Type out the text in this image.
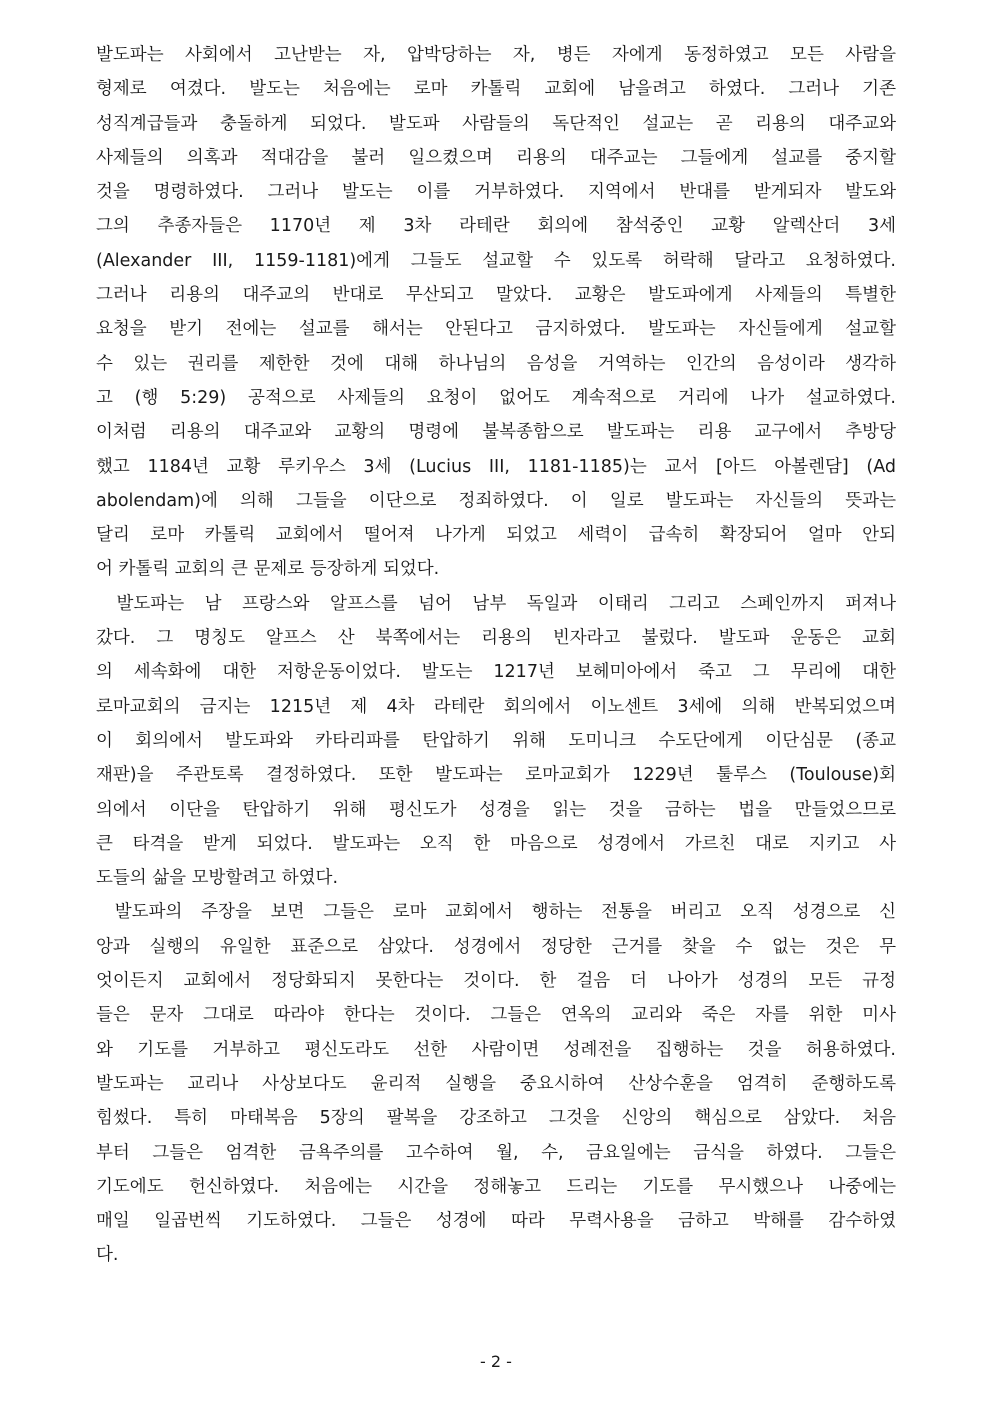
발도파는 사회에서 고난받는 자, 압박당하는 자, 병든 자에게 동정하였고 모든 사람을
형제로 여겼다. 발도는 처음에는 로마 카톨릭 교회에 남을려고 하였다. 그러나 기존
성직계급들과 충돌하게 되었다. 발도파 사람들의 독단적인 설교는 곧 리용의 대주교와
사제들의 의혹과 적대감을 불러 일으켰으며 리용의 대주교는 그들에게 설교를 중지할
것을 명령하였다. 그러나 발도는 이를 거부하였다. 지역에서 반대를 받게되자 발도와
그의 추종자들은 1170년 제 3차 라테란 회의에 참석중인 교황 알렉산더 3세
(Alexander III, 1159-1181)에게 그들도 설교할 수 있도록 허락해 달라고 요청하였다.
그러나 리용의 대주교의 반대로 무산되고 말았다. 교황은 발도파에게 사제들의 특별한
요청을 받기 전에는 설교를 해서는 안된다고 금지하였다. 발도파는 자신들에게 설교할
수 있는 권리를 제한한 것에 대해 하나님의 음성을 거역하는 인간의 음성이라 생각하
고 (행 5:29) 공적으로 사제들의 요청이 없어도 계속적으로 거리에 나가 설교하였다.
이처럼 리용의 대주교와 교황의 명령에 불복종함으로 발도파는 리용 교구에서 추방당
했고 1184년 교황 루키우스 3세 (Lucius III, 1181-1185)는 교서 [아드 아볼렌담] (Ad
abolendam)에 의해 그들을 이단으로 정죄하였다. 이 일로 발도파는 자신들의 뜻과는
달리 로마 카톨릭 교회에서 떨어져 나가게 되었고 세력이 급속히 확장되어 얼마 안되
어 카톨릭 교회의 큰 문제로 등장하게 되었다.
발도파는 남 프랑스와 알프스를 넘어 남부 독일과 이태리 그리고 스페인까지 퍼져나
갔다. 그 명칭도 알프스 산 북쪽에서는 리용의 빈자라고 불렀다. 발도파 운동은 교회
의 세속화에 대한 저항운동이었다. 발도는 1217년 보헤미아에서 죽고 그 무리에 대한
로마교회의 금지는 1215년 제 4차 라테란 회의에서 이노센트 3세에 의해 반복되었으며
이 회의에서 발도파와 카타리파를 탄압하기 위해 도미니크 수도단에게 이단심문 (종교
재판)을 주관토록 결정하였다. 또한 발도파는 로마교회가 1229년 툴루스 (Toulouse)회
의에서 이단을 탄압하기 위해 평신도가 성경을 읽는 것을 금하는 법을 만들었으므로
큰 타격을 받게 되었다. 발도파는 오직 한 마음으로 성경에서 가르친 대로 지키고 사
도들의 삶을 모방할려고 하였다.
발도파의 주장을 보면 그들은 로마 교회에서 행하는 전통을 버리고 오직 성경으로 신
앙과 실행의 유일한 표준으로 삼았다. 성경에서 정당한 근거를 찾을 수 없는 것은 무
엇이든지 교회에서 정당화되지 못한다는 것이다. 한 걸음 더 나아가 성경의 모든 규정
들은 문자 그대로 따라야 한다는 것이다. 그들은 연옥의 교리와 죽은 자를 위한 미사
와 기도를 거부하고 평신도라도 선한 사람이면 성례전을 집행하는 것을 허용하였다.
발도파는 교리나 사상보다도 윤리적 실행을 중요시하여 산상수훈을 엄격히 준행하도록
힘썼다. 특히 마태복음 5장의 팔복을 강조하고 그것을 신앙의 핵심으로 삼았다. 처음
부터 그들은 엄격한 금욕주의를 고수하여 월, 수, 금요일에는 금식을 하였다. 그들은
기도에도 헌신하였다. 처음에는 시간을 정해놓고 드리는 기도를 무시했으나 나중에는
매일 일곱번씩 기도하였다. 그들은 성경에 따라 무력사용을 금하고 박해를 감수하였
다.
- 2 -
